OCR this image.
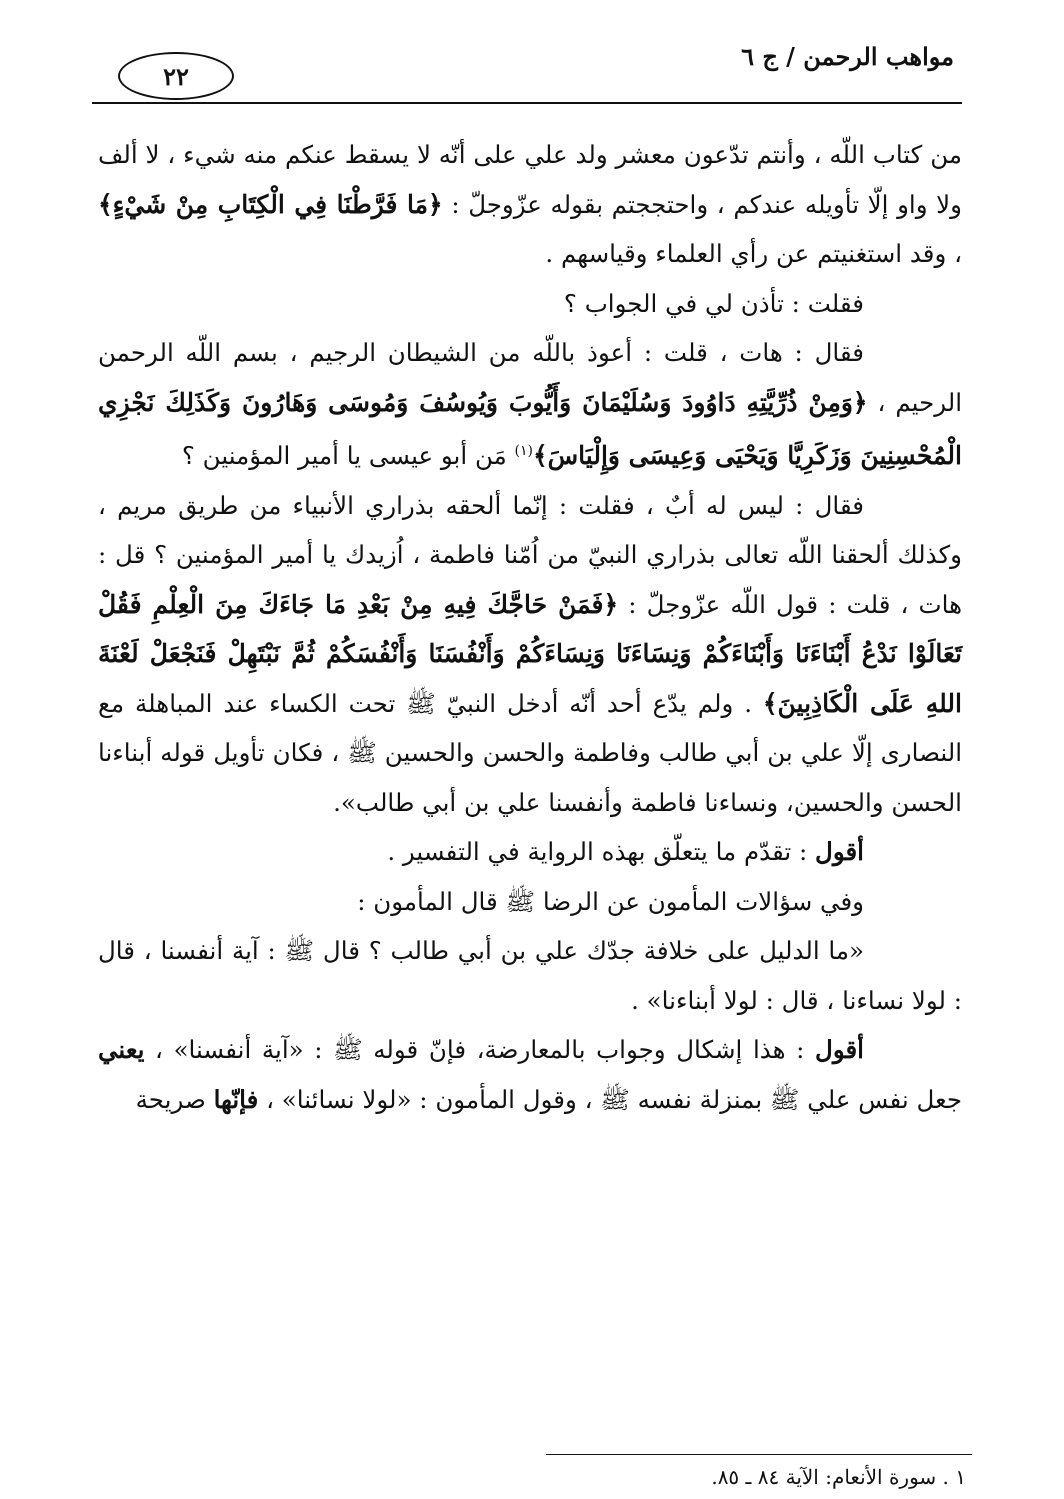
مواهب الرحمن / ج ٦
٢٢

من كتاب اللّه ، وأنتم تدّعون معشر ولد علي على أنّه لا يسقط عنكم منه شيء ، لا ألف ولا واو إلّا تأويله عندكم ، واحتججتم بقوله عزّوجلّ : ﴿مَا فَرَّطْنَا فِي الْكِتَابِ مِنْ شَيْءٍ﴾ ، وقد استغنيتم عن رأي العلماء وقياسهم .

فقلت : تأذن لي في الجواب ؟

فقال : هات ، قلت : أعوذ باللّه من الشيطان الرجيم ، بسم اللّه الرحمن الرحيم ، ﴿وَمِنْ ذُرِّيَّتِهِ دَاوُودَ وَسُلَيْمَانَ وَأَيُّوبَ وَيُوسُفَ وَمُوسَى وَهَارُونَ وَكَذَلِكَ نَجْزِي الْمُحْسِنِينَ وَزَكَرِيَّا وَيَحْيَى وَعِيسَى وَإِلْيَاسَ﴾$^{(١)}$ مَن أبو عيسى يا أمير المؤمنين ؟

فقال : ليس له أبٌ ، فقلت : إنّما ألحقه بذراري الأنبياء من طريق مريم ، وكذلك ألحقنا اللّه تعالى بذراري النبيّ من اُمّنا فاطمة ، اُزيدك يا أمير المؤمنين ؟ قل : هات ، قلت : قول اللّه عزّوجلّ : ﴿فَمَنْ حَاجَّكَ فِيهِ مِنْ بَعْدِ مَا جَاءَكَ مِنَ الْعِلْمِ فَقُلْ تَعَالَوْا نَدْعُ أَبْنَاءَنَا وَأَبْنَاءَكُمْ وَنِسَاءَنَا وَنِسَاءَكُمْ وَأَنْفُسَنَا وَأَنْفُسَكُمْ ثُمَّ نَبْتَهِلْ فَنَجْعَلْ لَعْنَةَ اللهِ عَلَى الْكَاذِبِينَ﴾ . ولم يدّع أحد أنّه أدخل النبيّ ﷺ تحت الكساء عند المباهلة مع النصارى إلّا علي بن أبي طالب وفاطمة والحسن والحسين ﷺ ، فكان تأويل قوله أبناءنا الحسن والحسين، ونساءنا فاطمة وأنفسنا علي بن أبي طالب».

أقول : تقدّم ما يتعلّق بهذه الرواية في التفسير .

وفي سؤالات المأمون عن الرضا ﷺ قال المأمون :

«ما الدليل على خلافة جدّك علي بن أبي طالب ؟ قال ﷺ : آية أنفسنا ، قال : لولا نساءنا ، قال : لولا أبناءنا» .

أقول : هذا إشكال وجواب بالمعارضة، فإنّ قوله ﷺ : «آية أنفسنا» ، يعني جعل نفس علي ﷺ بمنزلة نفسه ﷺ ، وقول المأمون : «لولا نسائنا» ، فإنّها صريحة

١ . سورة الأنعام: الآية ٨٤ ـ ٨٥.
